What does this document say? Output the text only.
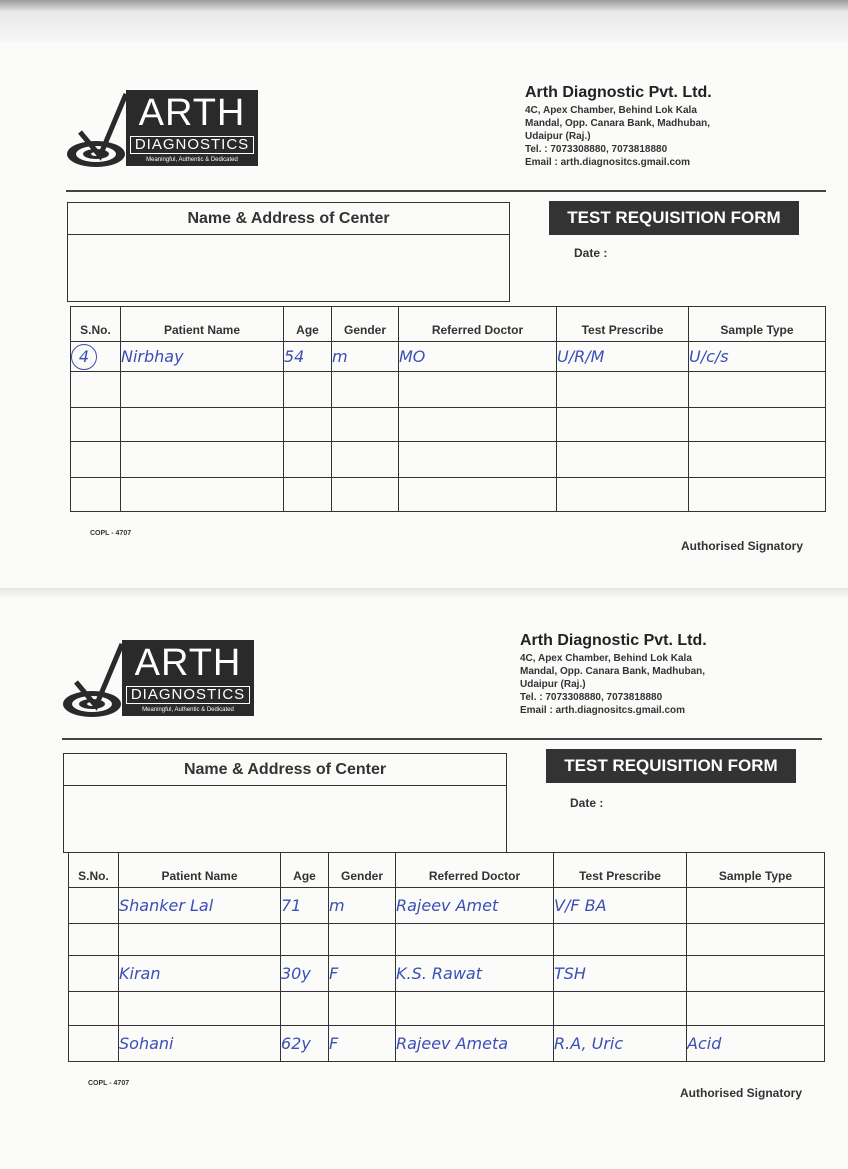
ARTH
DIAGNOSTICS
Meaningful, Authentic & Dedicated
Arth Diagnostic Pvt. Ltd.
4C, Apex Chamber, Behind Lok Kala
Mandal, Opp. Canara Bank, Madhuban,
Udaipur (Raj.)
Tel. : 7073308880, 7073818880
Email : arth.diagnositcs.gmail.com
Name & Address of Center	TEST REQUISITION FORM
Date :
S.No.	Patient Name	Age	Gender	Referred Doctor	Test Prescribe	Sample Type
4	Nirbhay	54	m	MO	U/R/M	U/c/s

COPL - 4707
Authorised Signatory
ARTH
DIAGNOSTICS
Meaningful, Authentic & Dedicated
Arth Diagnostic Pvt. Ltd.
4C, Apex Chamber, Behind Lok Kala
Mandal, Opp. Canara Bank, Madhuban,
Udaipur (Raj.)
Tel. : 7073308880, 7073818880
Email : arth.diagnositcs.gmail.com
Name & Address of Center	TEST REQUISITION FORM
Date :
S.No.	Patient Name	Age	Gender	Referred Doctor	Test Prescribe	Sample Type
	Shanker Lal	71	m	Rajeev Amet	V/F BA	

	Kiran	30y	F	K.S. Rawat	TSH	

	Sohani	62y	F	Rajeev Ameta	R.A, Uric	Acid
COPL - 4707
Authorised Signatory
